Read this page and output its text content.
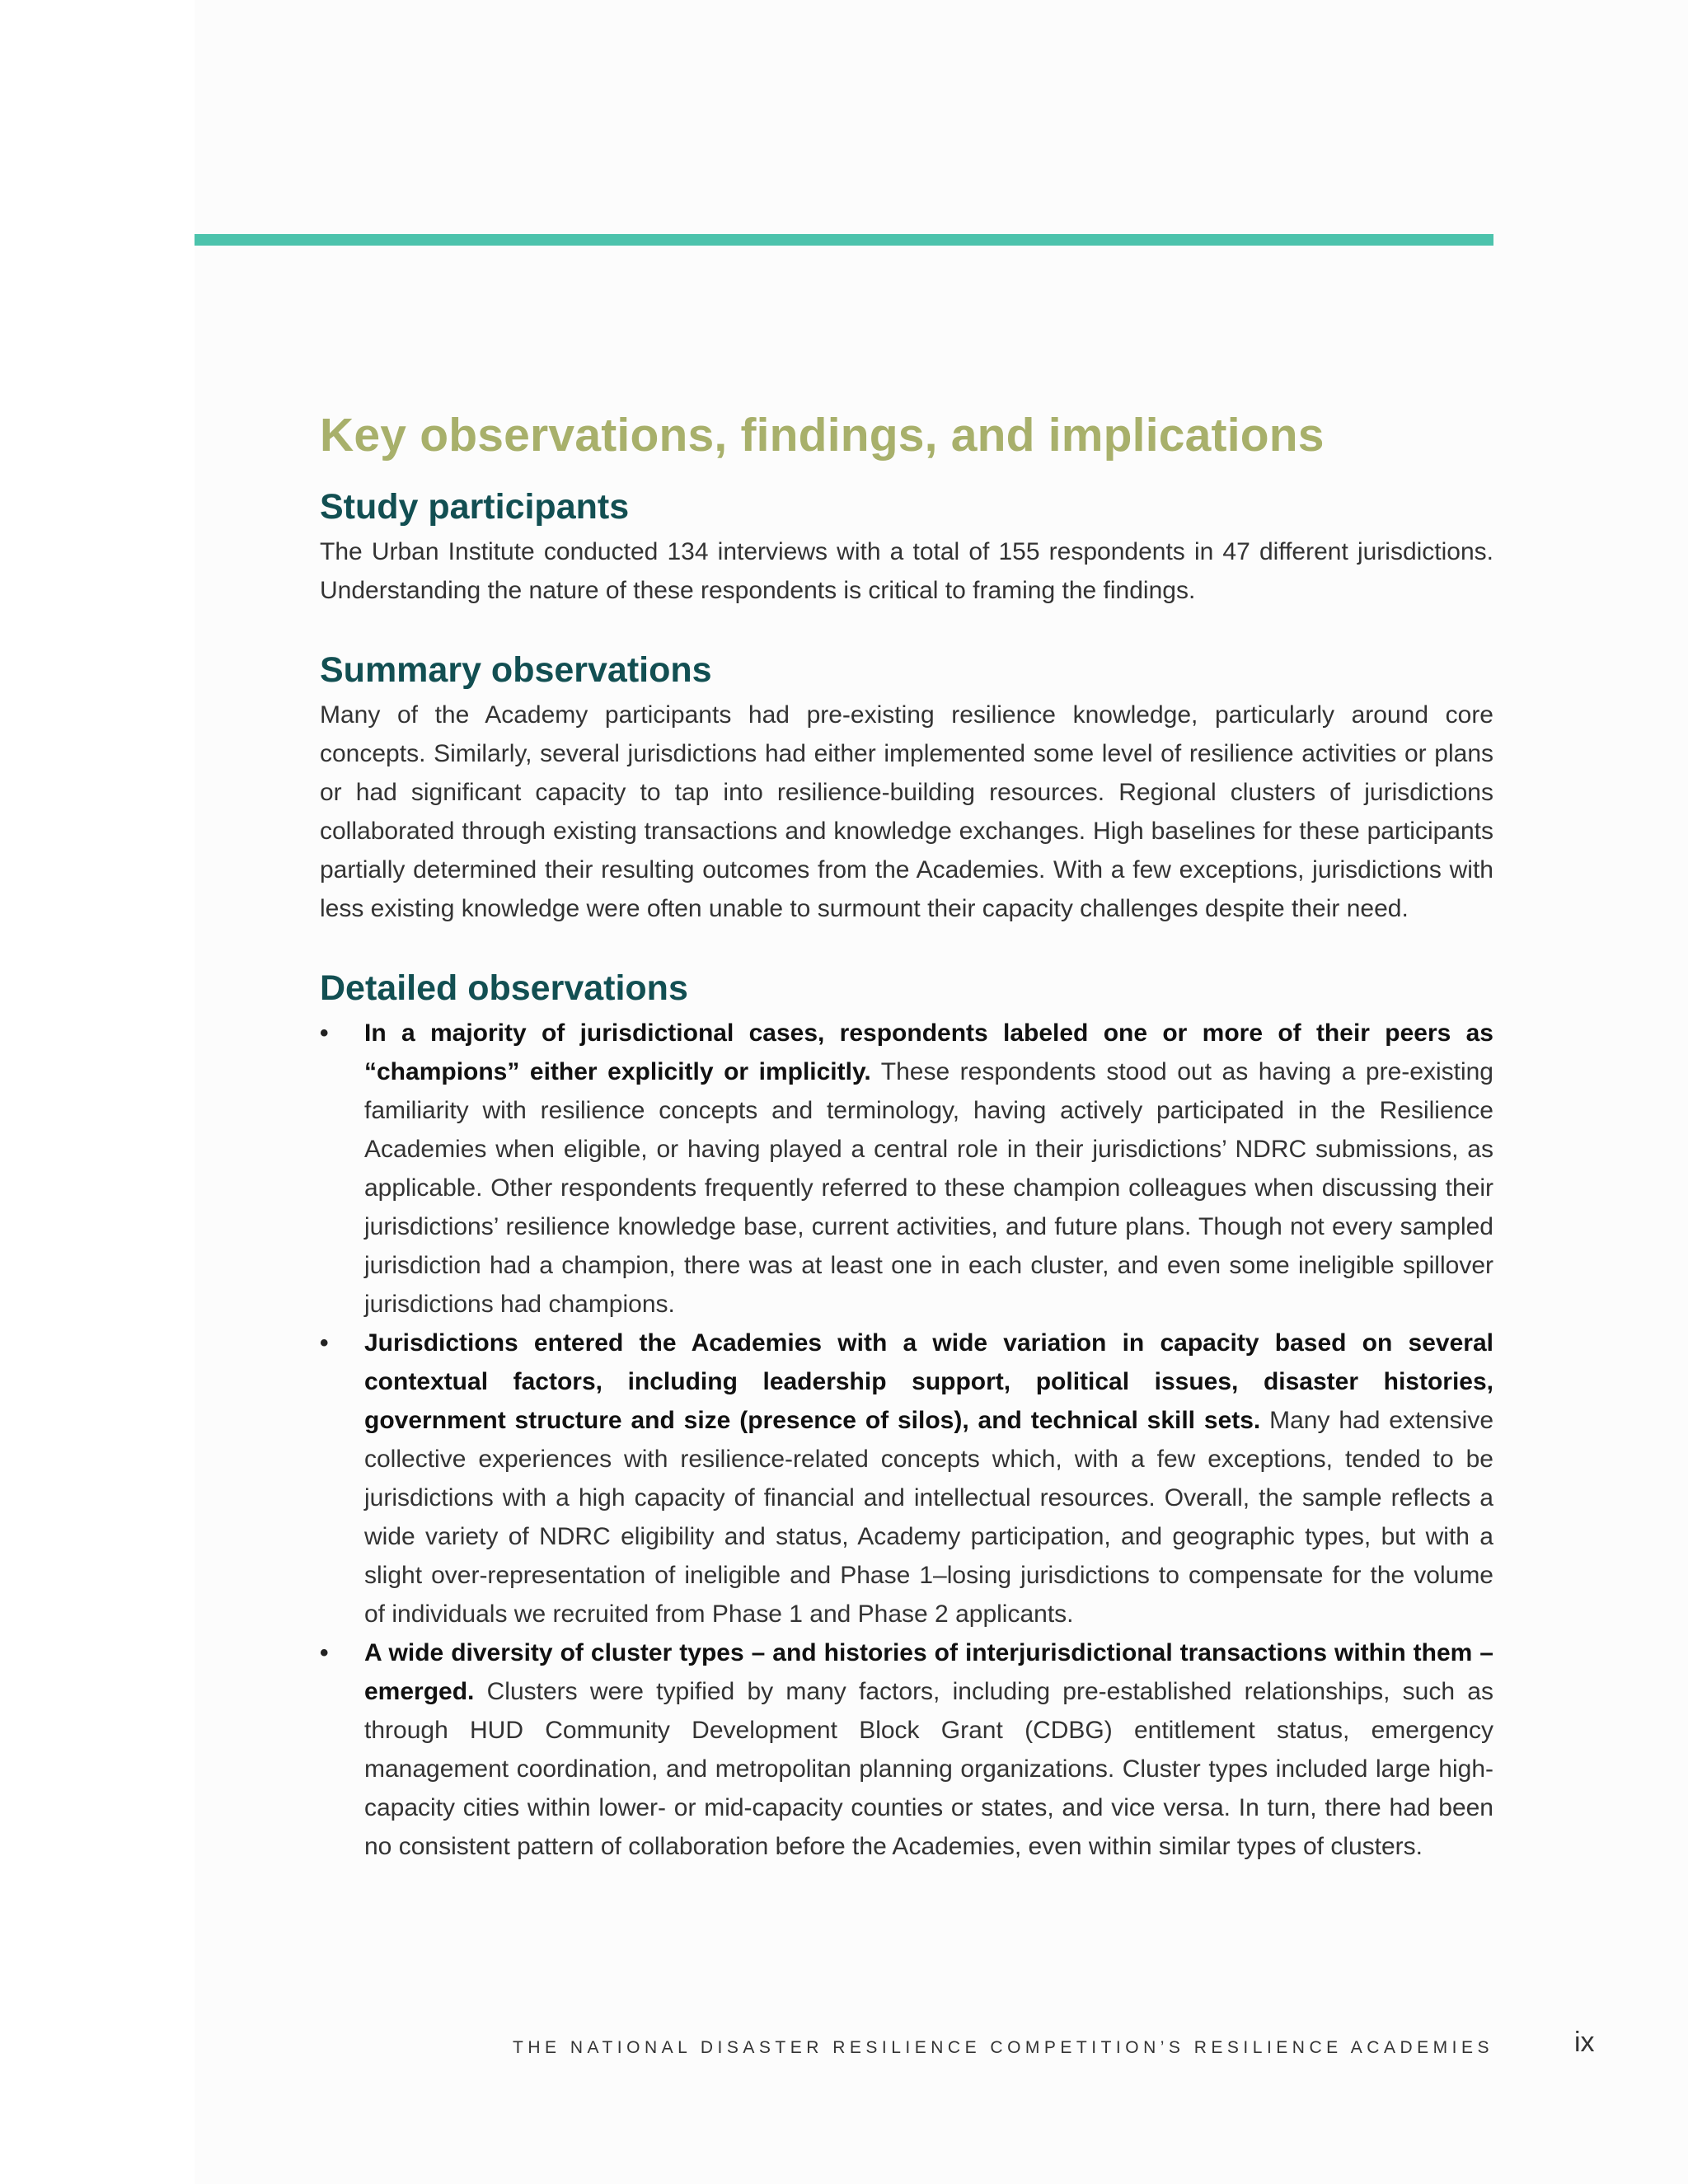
Key observations, findings, and implications
Study participants

The Urban Institute conducted 134 interviews with a total of 155 respondents in 47 different jurisdictions. Understanding the nature of these respondents is critical to framing the findings.

Summary observations

Many of the Academy participants had pre-existing resilience knowledge, particularly around core concepts. Similarly, several jurisdictions had either implemented some level of resilience activities or plans or had significant capacity to tap into resilience-building resources. Regional clusters of jurisdictions collaborated through existing transactions and knowledge exchanges. High baselines for these participants partially determined their resulting outcomes from the Academies. With a few exceptions, jurisdictions with less existing knowledge were often unable to surmount their capacity challenges despite their need.

Detailed observations
•	In a majority of jurisdictional cases, respondents labeled one or more of their peers as “champions” either explicitly or implicitly. These respondents stood out as having a pre-existing familiarity with resilience concepts and terminology, having actively participated in the Resilience Academies when eligible, or having played a central role in their jurisdictions’ NDRC submissions, as applicable. Other respondents frequently referred to these champion colleagues when discussing their jurisdictions’ resilience knowledge base, current activities, and future plans. Though not every sampled jurisdiction had a champion, there was at least one in each cluster, and even some ineligible spillover jurisdictions had champions.
•	Jurisdictions entered the Academies with a wide variation in capacity based on several contextual factors, including leadership support, political issues, disaster histories, government structure and size (presence of silos), and technical skill sets. Many had extensive collective experiences with resilience-related concepts which, with a few exceptions, tended to be jurisdictions with a high capacity of financial and intellectual resources. Overall, the sample reflects a wide variety of NDRC eligibility and status, Academy participation, and geographic types, but with a slight over-representation of ineligible and Phase 1–losing jurisdictions to compensate for the volume of individuals we recruited from Phase 1 and Phase 2 applicants.
•	A wide diversity of cluster types – and histories of interjurisdictional transactions within them – emerged. Clusters were typified by many factors, including pre-established relationships, such as through HUD Community Development Block Grant (CDBG) entitlement status, emergency management coordination, and metropolitan planning organizations. Cluster types included large high-capacity cities within lower- or mid-capacity counties or states, and vice versa. In turn, there had been no consistent pattern of collaboration before the Academies, even within similar types of clusters.
THE NATIONAL DISASTER RESILIENCE COMPETITION’S RESILIENCE ACADEMIES	ix
